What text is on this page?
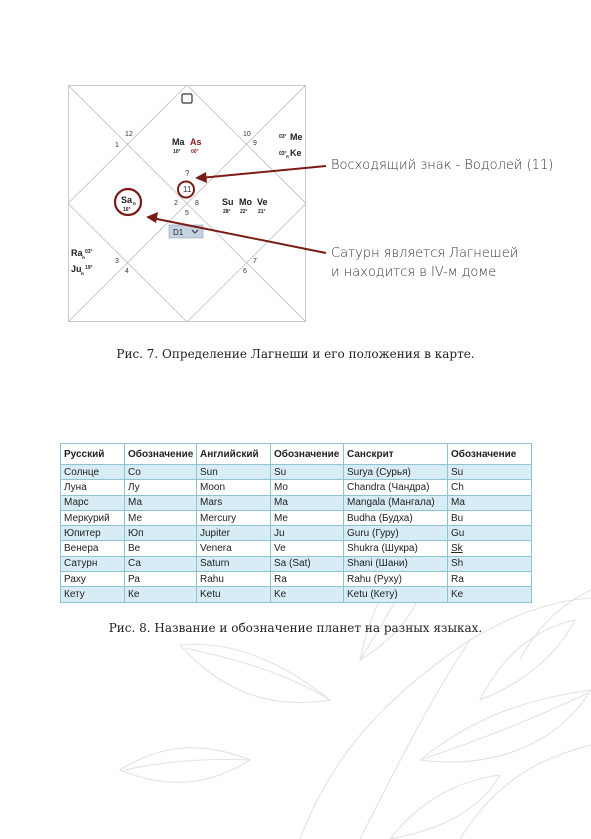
1
12	10
9
2 8
5
3
4	6
7
11
Ma
10°
As
00°
?
03° Me
03° R Ke
Su
28°
Mo
22°
Ve
21°
Sa R
16°
Ra R
03°
Ju R
19°
D1
Восходящий знак - Водолей (11)
Сатурн является Лагнешей
и находится в IV-м доме
Рис. 7. Определение Лагнеши и его положения в карте.
Русский	Обозначение	Английский	Обозначение	Санскрит	Обозначение
Солнце	Со	Sun	Su	Surya (Сурья)	Su
Луна	Лу	Moon	Mo	Chandra (Чандра)	Ch
Марс	Ма	Mars	Ma	Mangala (Мангала)	Ma
Меркурий	Ме	Mercury	Me	Budha (Будха)	Bu
Юпитер	Юп	Jupiter	Ju	Guru (Гуру)	Gu
Венера	Ве	Venera	Ve	Shukra (Шукра)	Sk
Сатурн	Са	Saturn	Sa (Sat)	Shani (Шани)	Sh
Раху	Ра	Rahu	Ra	Rahu (Руху)	Ra
Кету	Ке	Ketu	Ke	Ketu (Кету)	Ke
Рис. 8. Название и обозначение планет на разных языках.
